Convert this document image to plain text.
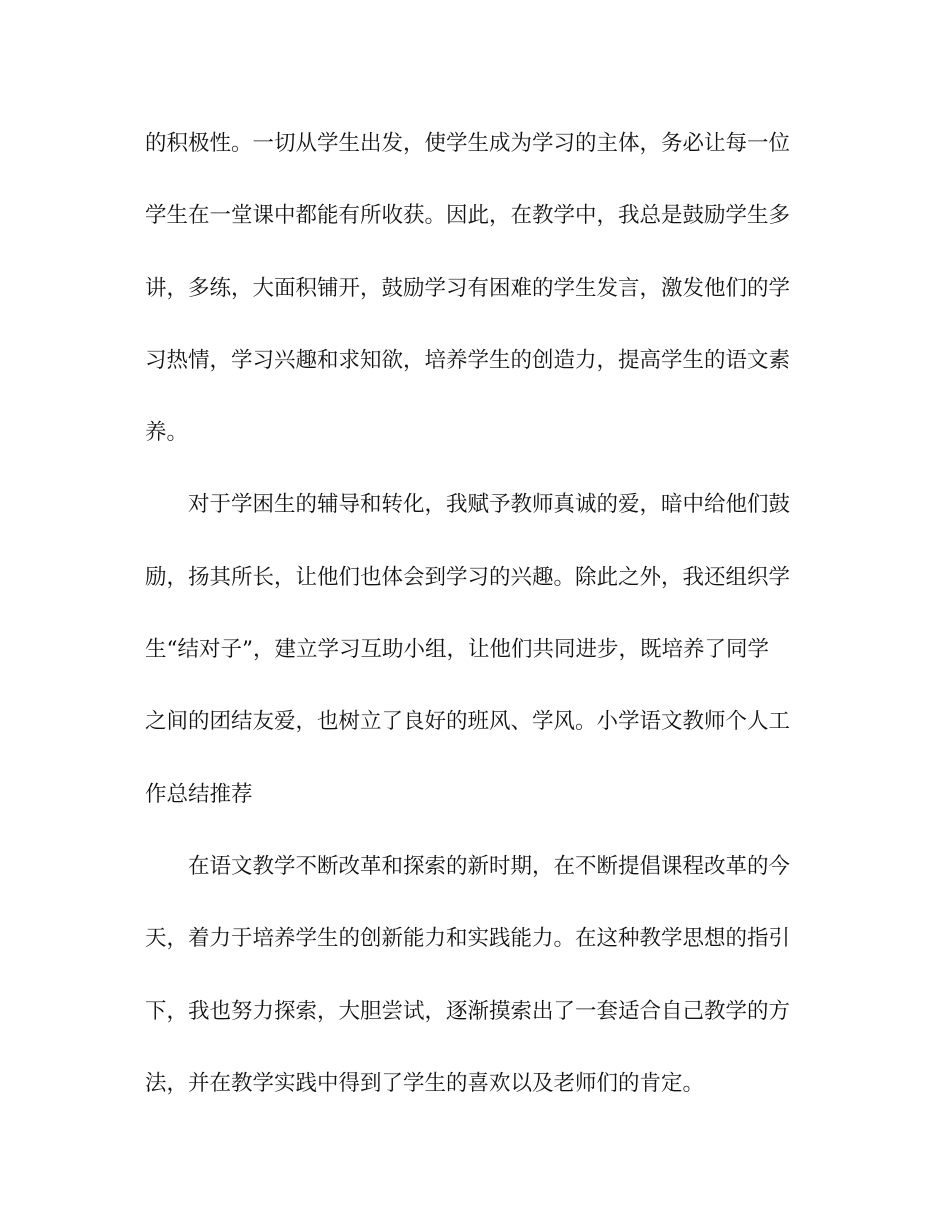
的积极性。一切从学生出发，使学生成为学习的主体，务必让每一位
学生在一堂课中都能有所收获。因此，在教学中，我总是鼓励学生多
讲，多练，大面积铺开，鼓励学习有困难的学生发言，激发他们的学
习热情，学习兴趣和求知欲，培养学生的创造力，提高学生的语文素
养。
对于学困生的辅导和转化，我赋予教师真诚的爱，暗中给他们鼓
励，扬其所长，让他们也体会到学习的兴趣。除此之外，我还组织学
生“结对子”，建立学习互助小组，让他们共同进步，既培养了同学
之间的团结友爱，也树立了良好的班风、学风。小学语文教师个人工
作总结推荐
在语文教学不断改革和探索的新时期，在不断提倡课程改革的今
天，着力于培养学生的创新能力和实践能力。在这种教学思想的指引
下，我也努力探索，大胆尝试，逐渐摸索出了一套适合自己教学的方
法，并在教学实践中得到了学生的喜欢以及老师们的肯定。
